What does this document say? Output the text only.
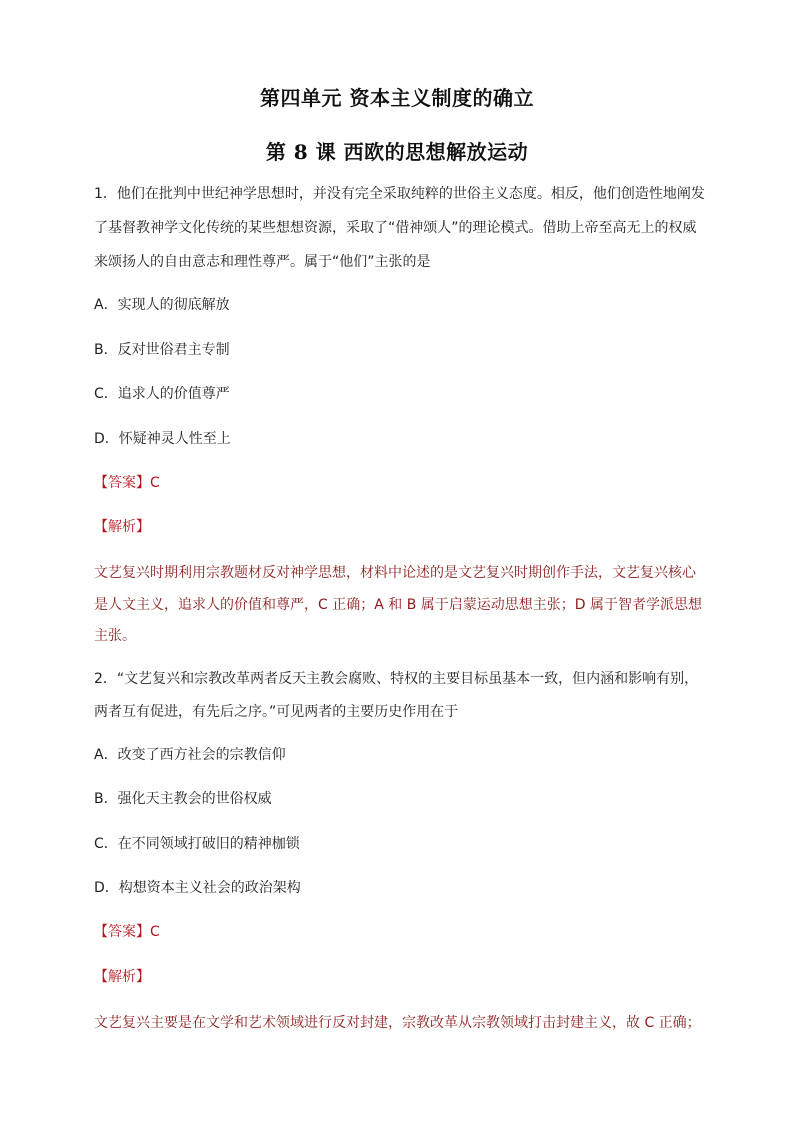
第四单元 资本主义制度的确立
第 8 课 西欧的思想解放运动
1．他们在批判中世纪神学思想时，并没有完全采取纯粹的世俗主义态度。相反，他们创造性地阐发
了基督教神学文化传统的某些想想资源，采取了“借神颂人”的理论模式。借助上帝至高无上的权威
来颂扬人的自由意志和理性尊严。属于“他们”主张的是
A．实现人的彻底解放
B．反对世俗君主专制
C．追求人的价值尊严
D．怀疑神灵人性至上
【答案】C
【解析】
文艺复兴时期利用宗教题材反对神学思想，材料中论述的是文艺复兴时期创作手法，文艺复兴核心
是人文主义，追求人的价值和尊严，C 正确；A 和 B 属于启蒙运动思想主张；D 属于智者学派思想
主张。
2．“文艺复兴和宗教改革两者反天主教会腐败、特权的主要目标虽基本一致，但内涵和影响有别，
两者互有促进，有先后之序。”可见两者的主要历史作用在于
A．改变了西方社会的宗教信仰
B．强化天主教会的世俗权威
C．在不同领域打破旧的精神枷锁
D．构想资本主义社会的政治架构
【答案】C
【解析】
文艺复兴主要是在文学和艺术领域进行反对封建，宗教改革从宗教领域打击封建主义，故 C 正确；
